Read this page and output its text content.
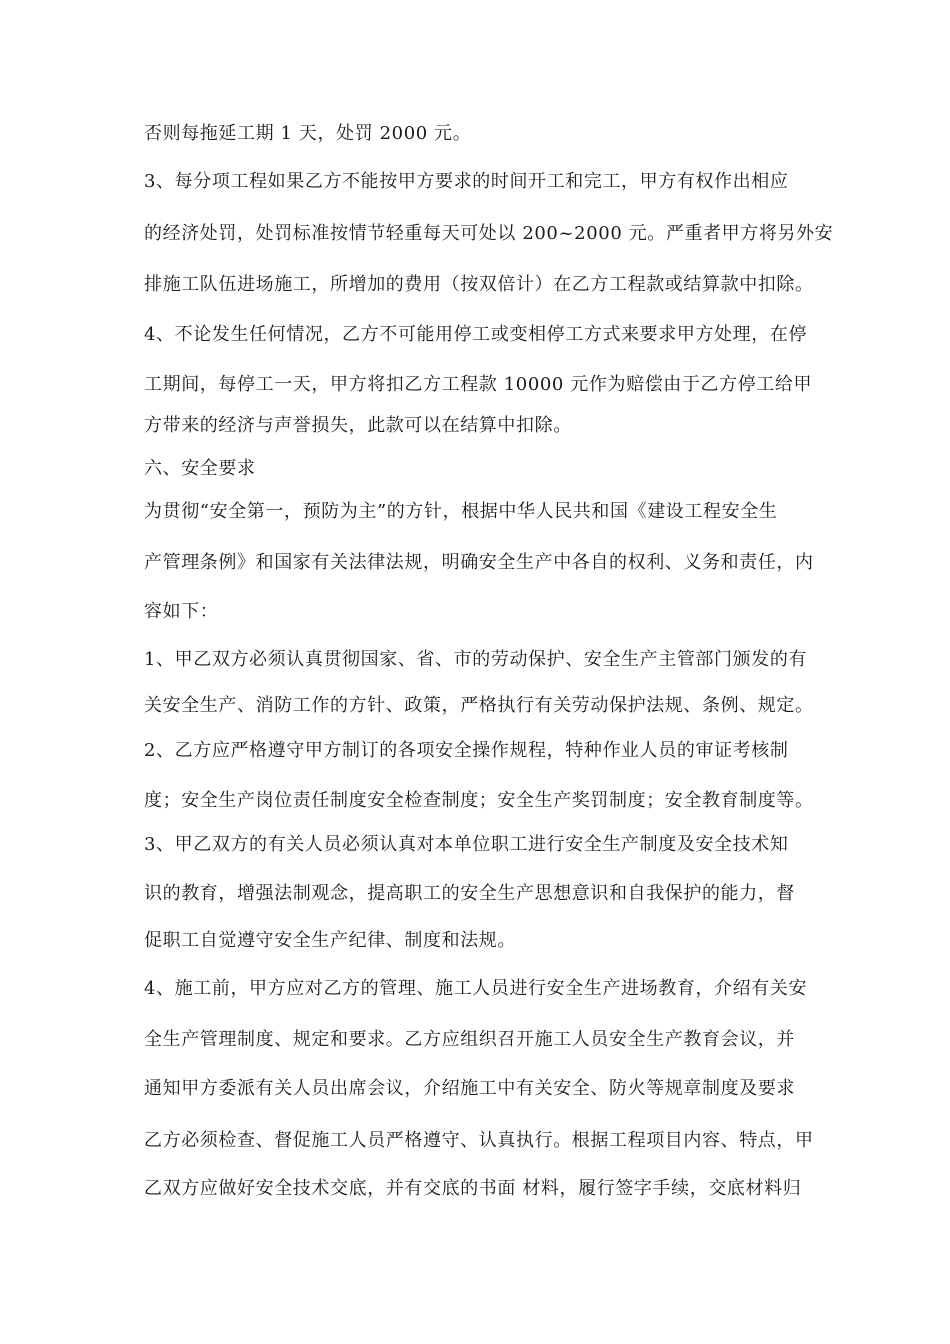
否则每拖延工期 1 天，处罚 2000 元。

3、每分项工程如果乙方不能按甲方要求的时间开工和完工，甲方有权作出相应

的经济处罚，处罚标准按情节轻重每天可处以 200~2000 元。严重者甲方将另外安

排施工队伍进场施工，所增加的费用（按双倍计）在乙方工程款或结算款中扣除。

4、不论发生任何情况，乙方不可能用停工或变相停工方式来要求甲方处理，在停

工期间，每停工一天，甲方将扣乙方工程款 10000 元作为赔偿由于乙方停工给甲

方带来的经济与声誉损失，此款可以在结算中扣除。

六、安全要求

为贯彻“安全第一，预防为主”的方针，根据中华人民共和国《建设工程安全生

产管理条例》和国家有关法律法规，明确安全生产中各自的权利、义务和责任，内

容如下：

1、甲乙双方必须认真贯彻国家、省、市的劳动保护、安全生产主管部门颁发的有

关安全生产、消防工作的方针、政策，严格执行有关劳动保护法规、条例、规定。

2、乙方应严格遵守甲方制订的各项安全操作规程，特种作业人员的审证考核制

度；安全生产岗位责任制度安全检查制度；安全生产奖罚制度；安全教育制度等。

3、甲乙双方的有关人员必须认真对本单位职工进行安全生产制度及安全技术知

识的教育，增强法制观念，提高职工的安全生产思想意识和自我保护的能力，督

促职工自觉遵守安全生产纪律、制度和法规。

4、施工前，甲方应对乙方的管理、施工人员进行安全生产进场教育，介绍有关安

全生产管理制度、规定和要求。乙方应组织召开施工人员安全生产教育会议，并

通知甲方委派有关人员出席会议，介绍施工中有关安全、防火等规章制度及要求

乙方必须检查、督促施工人员严格遵守、认真执行。根据工程项目内容、特点，甲

乙双方应做好安全技术交底，并有交底的书面 材料，履行签字手续，交底材料归
